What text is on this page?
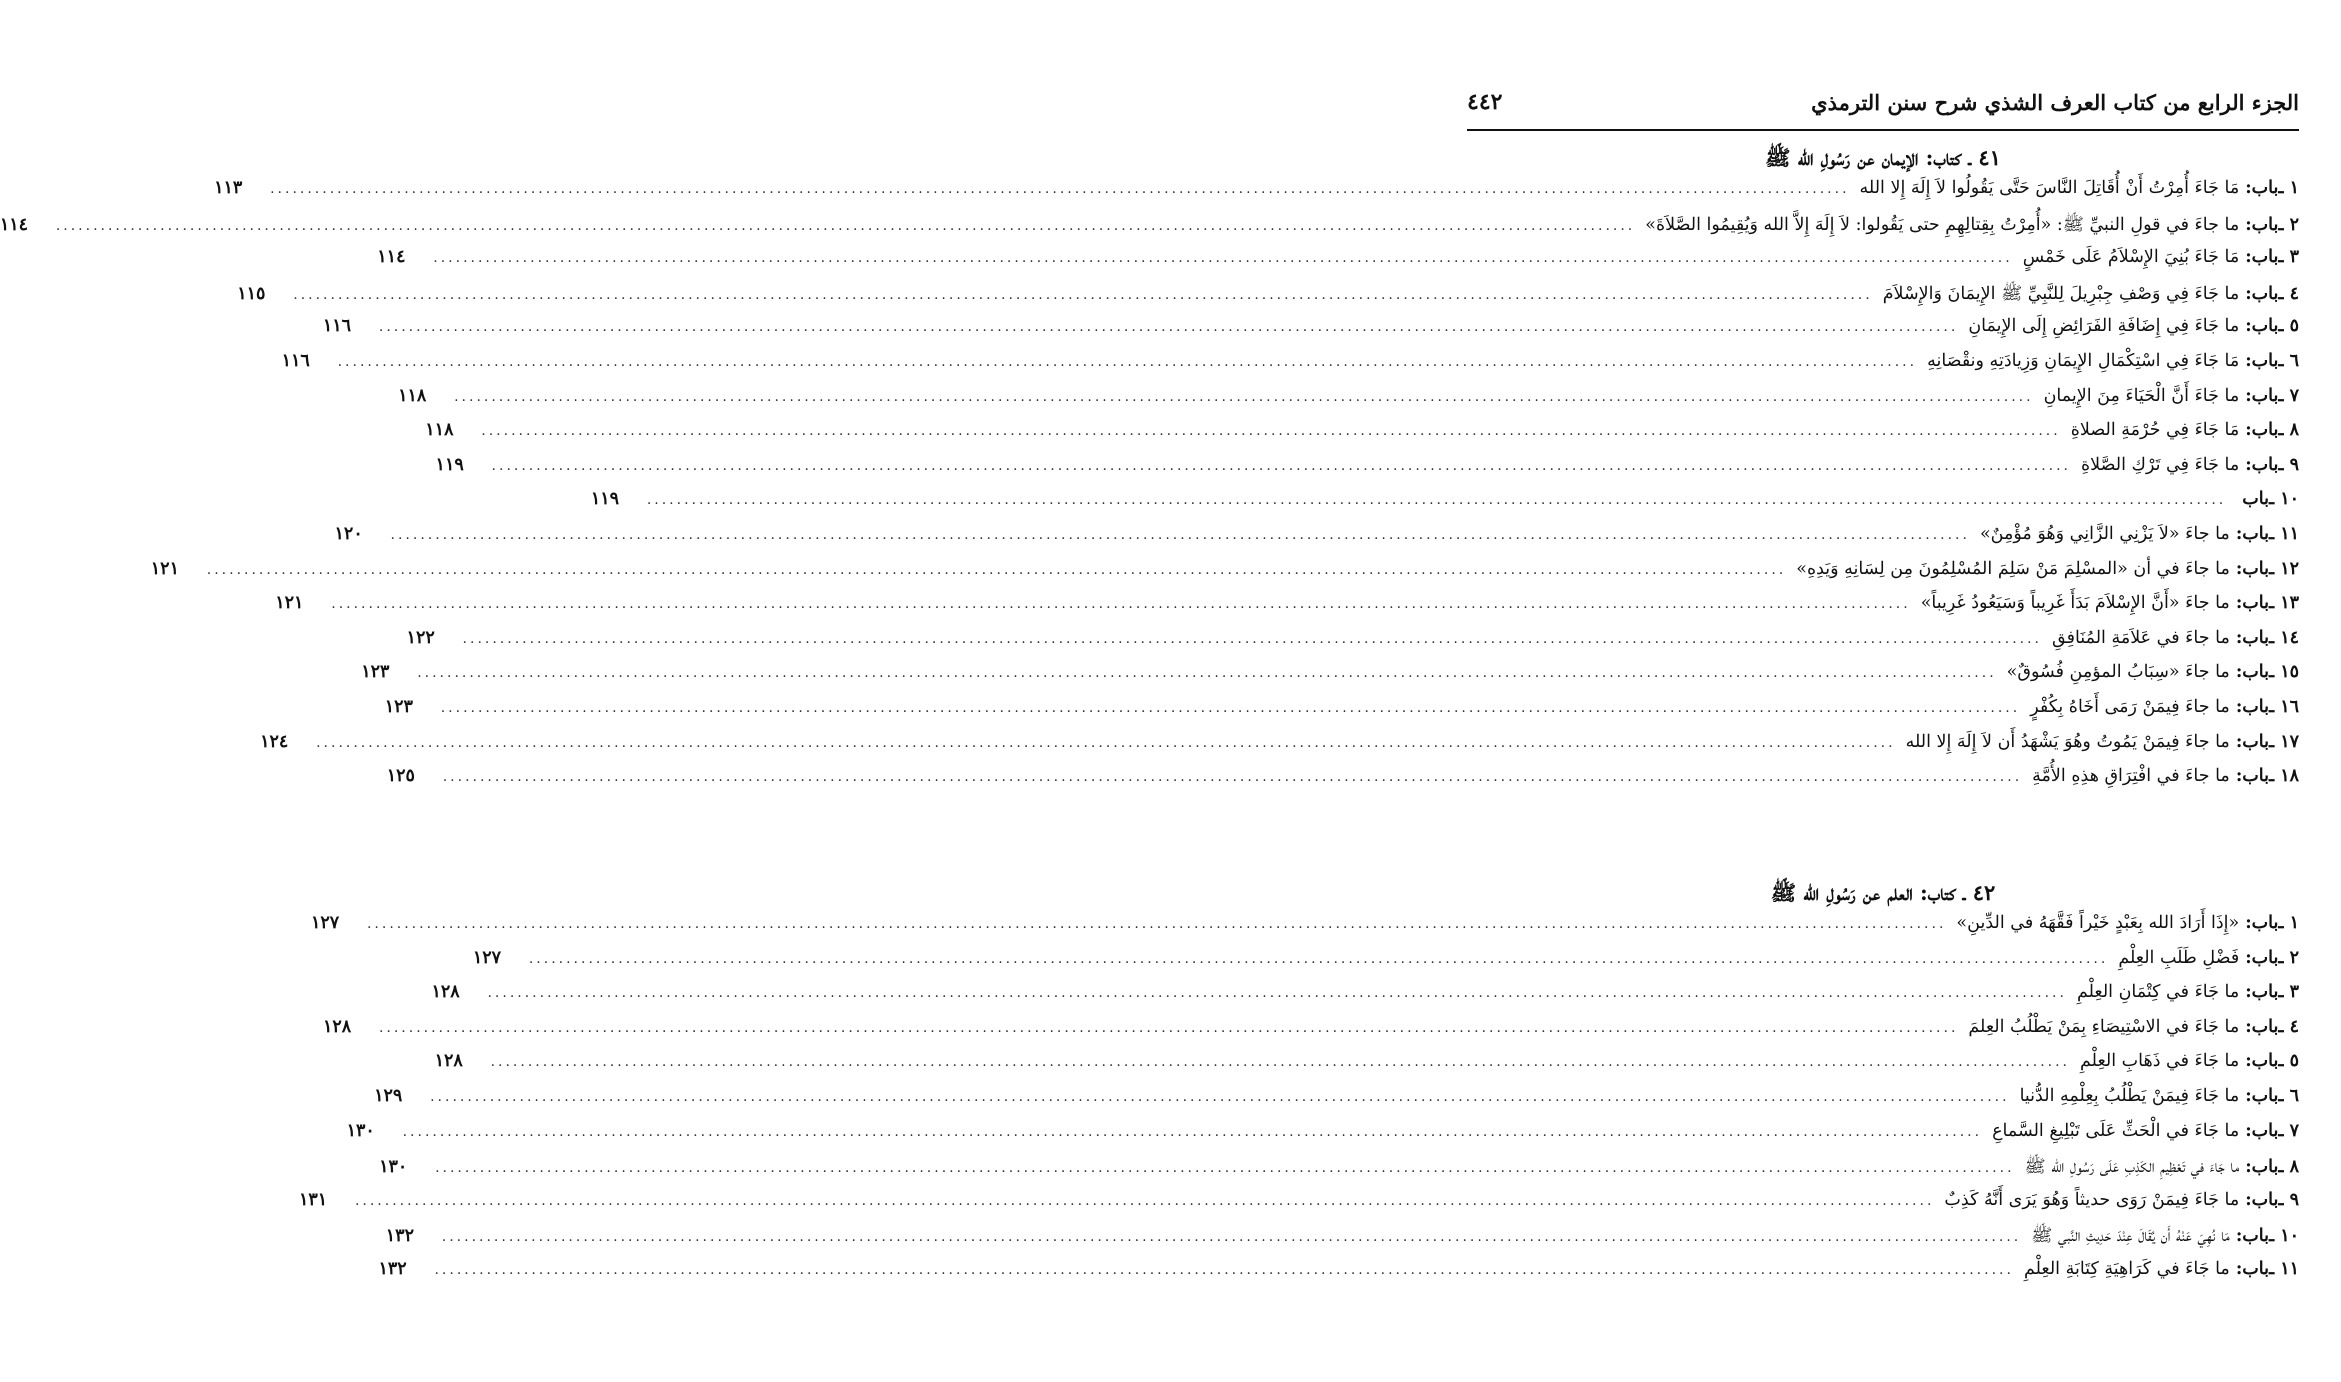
الجزء الرابع من كتاب العرف الشذي شرح سنن الترمذي
٤٤٢
٤١ ـ كتاب: الإيمان عن رَسُولِ الله ﷺ
١ ـ
باب:
مَا جَاءَ أُمِرْتُ أَنْ أُقَاتِلَ النَّاسَ حَتَّى يَقُولُوا لاَ إِلَهَ إِلا الله
.....
١١٣
٢ ـ
باب:
ما جاءَ في قولِ النبيِّ ﷺ: «أُمِرْتُ بِقِتالِهِمِ حتى يَقُولوا: لاَ إِلَهَ إِلاَّ الله وَيُقِيمُوا الصَّلاَةَ»
.....
١١٤
٣ ـ
باب:
مَا جَاءَ بُنِيَ الإِسْلاَمُ عَلَى خَمْسٍ
.....
١١٤
٤ ـ
باب:
ما جَاءَ فِي وَصْفِ جِبْرِيلَ لِلنَّبِيِّ ﷺ الإِيمَانَ وَالإِسْلاَمَ
.....
١١٥
٥ ـ
باب:
ما جَاءَ فِي إِضَافَةِ الفَرَائِضِ إِلَى الإِيمَانِ
.....
١١٦
٦ ـ
باب:
مَا جَاءَ فِي اسْتِكْمَالِ الإِيمَانِ وَزِيادَتِهِ ونقْصَانِهِ
.....
١١٦
٧ ـ
باب:
ما جَاءَ أَنَّ الْحَيَاءَ مِنَ الإِيمانِ
.....
١١٨
٨ ـ
باب:
مَا جَاءَ فِي حُرْمَةِ الصلاةِ
.....
١١٨
٩ ـ
باب:
ما جَاءَ فِي تَرْكِ الصَّلاةِ
.....
١١٩
١٠ ـ
باب
.....
١١٩
١١ ـ
باب:
ما جاءَ «لاَ يَزْنِي الزَّانِي وَهُوَ مُؤْمِنٌ»
.....
١٢٠
١٢ ـ
باب:
ما جاءَ في أن «المسْلِمَ مَنْ سَلِمَ المُسْلِمُونَ مِن لِسَانِهِ وَيَدِهِ»
.....
١٢١
١٣ ـ
باب:
ما جاءَ «أَنَّ الإِسْلاَمَ بَدَأَ غَرِيباً وَسَيَعُودُ غَرِيباً»
.....
١٢١
١٤ ـ
باب:
ما جاءَ في عَلاَمَةِ المُنَافِقِ
.....
١٢٢
١٥ ـ
باب:
ما جاءَ «سِبَابُ المؤمِنِ فُسُوقٌ»
.....
١٢٣
١٦ ـ
باب:
ما جاءَ فِيمَنْ رَمَى أَخَاهُ بِكُفْرٍ
.....
١٢٣
١٧ ـ
باب:
ما جاءَ فِيمَنْ يَمُوتُ وهُوَ يَشْهَدُ أَن لاَ إِلَهَ إِلا الله
.....
١٢٤
١٨ ـ
باب:
ما جاءَ في افْتِرَاقِ هذِهِ الأُمَّةِ
.....
١٢٥
٤٢ ـ كتاب: العلم عن رَسُولِ الله ﷺ
١ ـ
باب:
«إِذَا أَرَادَ الله بِعَبْدٍ خَيْراً فَقَّهَهُ في الدِّينِ»
.....
١٢٧
٢ ـ
باب:
فَضْلِ طَلَبِ العِلْمِ
.....
١٢٧
٣ ـ
باب:
ما جَاءَ في كِتْمَانِ العِلْمِ
.....
١٢٨
٤ ـ
باب:
ما جَاءَ في الاسْتِيصَاءِ بِمَنْ يَطْلُبُ العِلمَ
.....
١٢٨
٥ ـ
باب:
ما جَاءَ في ذَهَابِ العِلْمِ
.....
١٢٨
٦ ـ
باب:
ما جَاءَ فِيمَنْ يَطْلُبُ بِعِلْمِهِ الدُّنيا
.....
١٢٩
٧ ـ
باب:
ما جَاءَ في الْحَثِّ عَلَى تَبْلِيغِ السَّماعِ
.....
١٣٠
٨ ـ
باب:
ما جَاءَ في تَعْظِيمِ الكَذِبِ عَلَى رَسُولِ الله ﷺ
.....
١٣٠
٩ ـ
باب:
ما جَاءَ فِيمَنْ رَوَى حديثاً وَهُوَ يَرَى أَنَّهُ كَذِبٌ
.....
١٣١
١٠ ـ
باب:
مَا نُهِيَ عَنْهُ أَن يُقَالَ عِنْدَ حَدِيثِ النَّبي ﷺ
.....
١٣٢
١١ ـ
باب:
ما جَاءَ في كَرَاهِيَةِ كِتَابَةِ العِلْمِ
.....
١٣٢
